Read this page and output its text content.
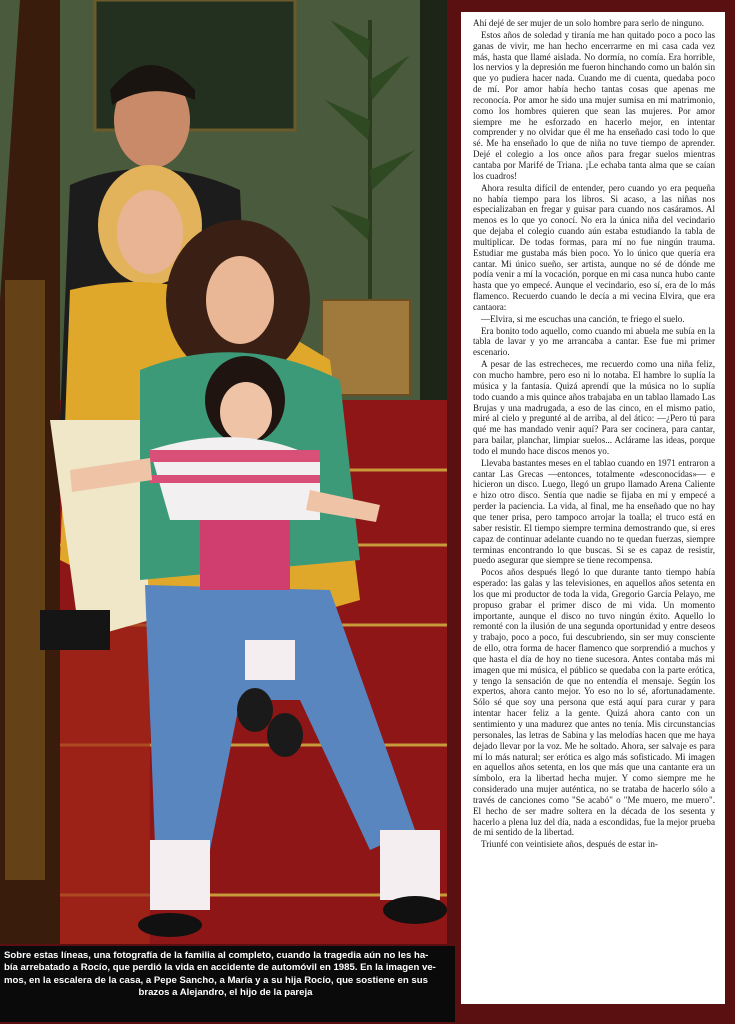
Sobre estas líneas, una fotografía de la familia al completo, cuando la tragedia aún no les ha-
bía arrebatado a Rocío, que perdió la vida en accidente de automóvil en 1985. En la imagen ve-
mos, en la escalera de la casa, a Pepe Sancho, a María y a su hija Rocío, que sostiene en sus
brazos a Alejandro, el hijo de la pareja

Ahí dejé de ser mujer de un solo hombre para serlo de ninguno.

Estos años de soledad y tiranía me han quitado poco a poco las ganas de vivir, me han hecho encerrarme en mi casa cada vez más, hasta que llamé aislada. No dormía, no comía. Era horrible, los nervios y la depresión me fueron hinchando como un balón sin que yo pudiera hacer nada. Cuando me di cuenta, quedaba poco de mí. Por amor había hecho tantas cosas que apenas me reconocía. Por amor he sido una mujer sumisa en mi matrimonio, como los hombres quieren que sean las mujeres. Por amor siempre me he esforzado en hacerlo mejor, en intentar comprender y no olvidar que él me ha enseñado casi todo lo que sé. Me ha enseñado lo que de niña no tuve tiempo de aprender. Dejé el colegio a los once años para fregar suelos mientras cantaba por Marifé de Triana. ¡Le echaba tanta alma que se caían los cuadros!

Ahora resulta difícil de entender, pero cuando yo era pequeña no había tiempo para los libros. Si acaso, a las niñas nos especializaban en fregar y guisar para cuando nos casáramos. Al menos es lo que yo conocí. No era la única niña del vecindario que dejaba el colegio cuando aún estaba estudiando la tabla de multiplicar. De todas formas, para mí no fue ningún trauma. Estudiar me gustaba más bien poco. Yo lo único que quería era cantar. Mi único sueño, ser artista, aunque no sé de dónde me podía venir a mí la vocación, porque en mi casa nunca hubo cante hasta que yo empecé. Aunque el vecindario, eso sí, era de lo más flamenco. Recuerdo cuando le decía a mi vecina Elvira, que era cantaora:

—Elvira, si me escuchas una canción, te friego el suelo.

Era bonito todo aquello, como cuando mi abuela me subía en la tabla de lavar y yo me arrancaba a cantar. Ese fue mi primer escenario.

A pesar de las estrecheces, me recuerdo como una niña feliz, con mucho hambre, pero eso ni lo notaba. El hambre lo suplía la música y la fantasía. Quizá aprendí que la música no lo suplía todo cuando a mis quince años trabajaba en un tablao llamado Las Brujas y una madrugada, a eso de las cinco, en el mismo patio, miré al cielo y pregunté al de arriba, al del ático: —¿Pero tú para qué me has mandado venir aquí? Para ser cocinera, para cantar, para bailar, planchar, limpiar suelos... Aclárame las ideas, porque todo el mundo hace discos menos yo.

Llevaba bastantes meses en el tablao cuando en 1971 entraron a cantar Las Grecas —entonces, totalmente «desconocidas»— e hicieron un disco. Luego, llegó un grupo llamado Arena Caliente e hizo otro disco. Sentía que nadie se fijaba en mí y empecé a perder la paciencia. La vida, al final, me ha enseñado que no hay que tener prisa, pero tampoco arrojar la toalla; el truco está en saber resistir. El tiempo siempre termina demostrando que, si eres capaz de continuar adelante cuando no te quedan fuerzas, siempre terminas encontrando lo que buscas. Si se es capaz de resistir, puedo asegurar que siempre se tiene recompensa.

Pocos años después llegó lo que durante tanto tiempo había esperado: las galas y las televisiones, en aquellos años setenta en los que mi productor de toda la vida, Gregorio García Pelayo, me propuso grabar el primer disco de mi vida. Un momento importante, aunque el disco no tuvo ningún éxito. Aquello lo remonté con la ilusión de una segunda oportunidad y entre deseos y trabajo, poco a poco, fui descubriendo, sin ser muy consciente de ello, otra forma de hacer flamenco que sorprendió a muchos y que hasta el día de hoy no tiene sucesora. Antes contaba más mi imagen que mi música, el público se quedaba con la parte erótica, y tengo la sensación de que no entendía el mensaje. Según los expertos, ahora canto mejor. Yo eso no lo sé, afortunadamente. Sólo sé que soy una persona que está aquí para curar y para intentar hacer feliz a la gente. Quizá ahora canto con un sentimiento y una madurez que antes no tenía. Mis circunstancias personales, las letras de Sabina y las melodías hacen que me haya dejado llevar por la voz. Me he soltado. Ahora, ser salvaje es para mí lo más natural; ser erótica es algo más sofisticado. Mi imagen en aquellos años setenta, en los que más que una cantante era un símbolo, era la libertad hecha mujer. Y como siempre me he considerado una mujer auténtica, no se trataba de hacerlo sólo a través de canciones como "Se acabó" o "Me muero, me muero". El hecho de ser madre soltera en la década de los sesenta y hacerlo a plena luz del día, nada a escondidas, fue la mejor prueba de mi sentido de la libertad.

Triunfé con veintisiete años, después de estar in-
